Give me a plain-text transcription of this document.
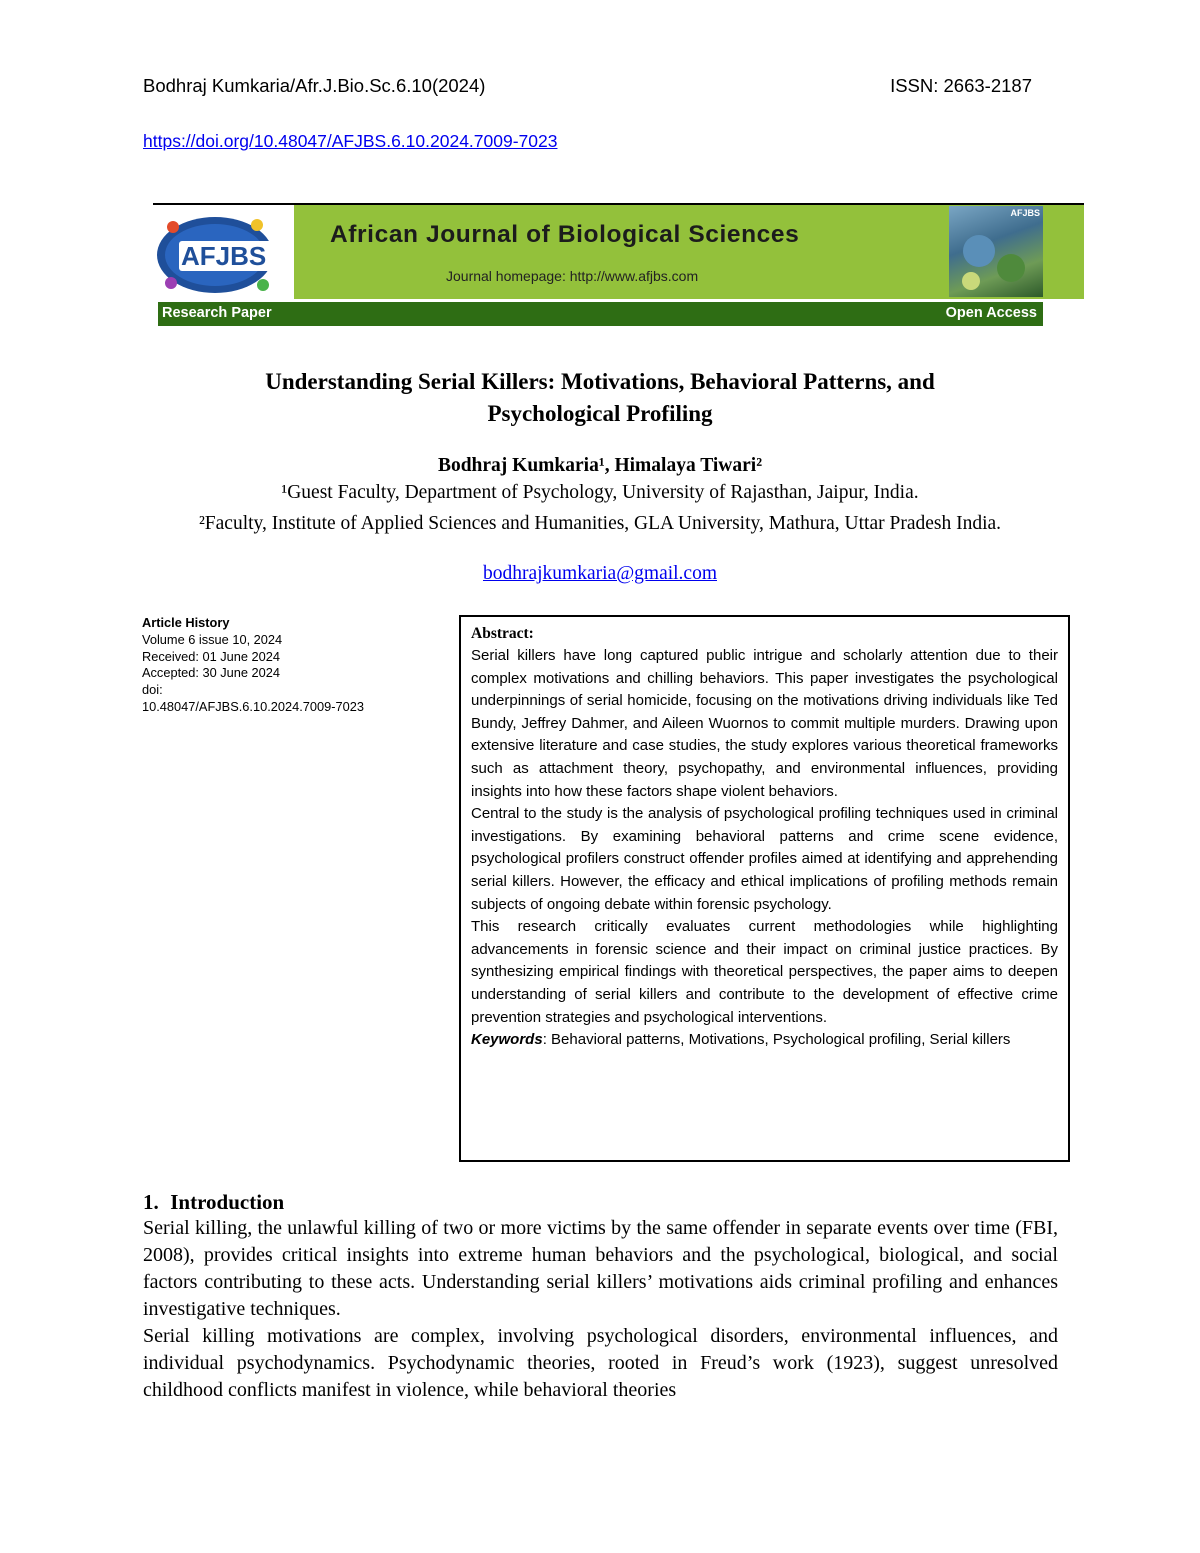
Bodhraj Kumkaria/Afr.J.Bio.Sc.6.10(2024)	ISSN: 2663-2187
https://doi.org/10.48047/AFJBS.6.10.2024.7009-7023
AFJBS
African Journal of Biological Sciences
Journal homepage: http://www.afjbs.com
AFJBS
Research Paper	Open Access
Understanding Serial Killers: Motivations, Behavioral Patterns, and
Psychological Profiling
Bodhraj Kumkaria¹, Himalaya Tiwari²
¹Guest Faculty, Department of Psychology, University of Rajasthan, Jaipur, India.
²Faculty, Institute of Applied Sciences and Humanities, GLA University, Mathura, Uttar Pradesh India.
bodhrajkumkaria@gmail.com
Article History
Volume 6 issue 10, 2024
Received: 01 June 2024
Accepted: 30 June 2024
doi:
10.48047/AFJBS.6.10.2024.7009-7023
Abstract:

Serial killers have long captured public intrigue and scholarly attention due to their complex motivations and chilling behaviors. This paper investigates the psychological underpinnings of serial homicide, focusing on the motivations driving individuals like Ted Bundy, Jeffrey Dahmer, and Aileen Wuornos to commit multiple murders. Drawing upon extensive literature and case studies, the study explores various theoretical frameworks such as attachment theory, psychopathy, and environmental influences, providing insights into how these factors shape violent behaviors.

Central to the study is the analysis of psychological profiling techniques used in criminal investigations. By examining behavioral patterns and crime scene evidence, psychological profilers construct offender profiles aimed at identifying and apprehending serial killers. However, the efficacy and ethical implications of profiling methods remain subjects of ongoing debate within forensic psychology.

This research critically evaluates current methodologies while highlighting advancements in forensic science and their impact on criminal justice practices. By synthesizing empirical findings with theoretical perspectives, the paper aims to deepen understanding of serial killers and contribute to the development of effective crime prevention strategies and psychological interventions.

Keywords: Behavioral patterns, Motivations, Psychological profiling, Serial killers

1. Introduction

Serial killing, the unlawful killing of two or more victims by the same offender in separate events over time (FBI, 2008), provides critical insights into extreme human behaviors and the psychological, biological, and social factors contributing to these acts. Understanding serial killers’ motivations aids criminal profiling and enhances investigative techniques.

Serial killing motivations are complex, involving psychological disorders, environmental influences, and individual psychodynamics. Psychodynamic theories, rooted in Freud’s work (1923), suggest unresolved childhood conflicts manifest in violence, while behavioral theories
